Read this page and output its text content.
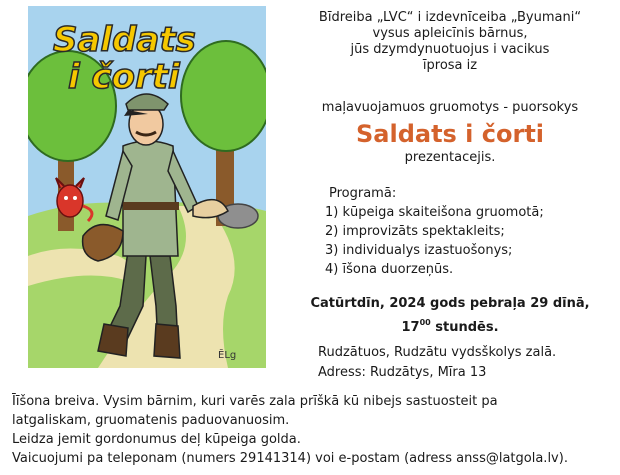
Saldats
i čorti
ĒLg
Bīdreiba „LVC“ i izdevnīceiba „Byumani“
vysus apleicīnis bārnus,
jūs dzymdynuotuojus i vacikus
īprosa iz
maļavuojamuos gruomotys - puorsokys
Saldats i čorti
prezentacejis.
Programā:
1) kūpeiga skaiteišona gruomotā;
2) improvizāts spektakleits;
3) individualys izastuošonys;
4) īšona duorzeņūs.
Catūrtdīn, 2024 gods pebraļa 29 dīnā,
$17^{00}$ stundēs.
Rudzātuos, Rudzātu vydsškolys zalā.
Adress: Rudzātys, Mīra 13
Īīšona breiva. Vysim bārnim, kuri varēs zala prīškā kū nibejs sastuosteit pa
latgaliskam, gruomatenis paduovanuosim.
Leidza jemit gordonumus deļ kūpeiga golda.
Vaicuojumi pa teleponam (numers 29141314) voi e-postam (adress anss@latgola.lv).
